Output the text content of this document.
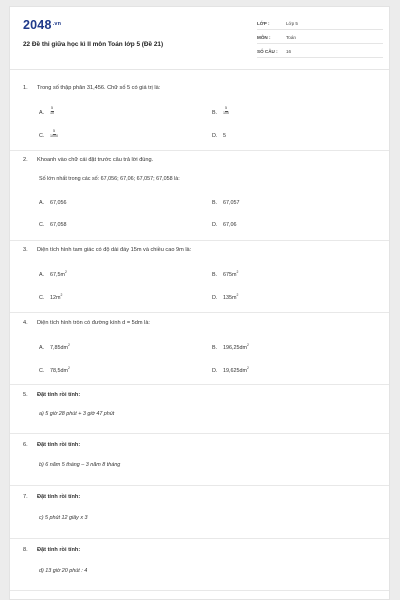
$2048^{.vn}$
22 Đề thi giữa học kì II môn Toán lớp 5 (Đề 21)
LỚP :	Lớp 5
MÔN :	Toán
SỐ CÂU : 16
1. Trong số thập phân 31,456. Chữ số 5 có giá trị là:
A. $\frac{5}{10}$	B. $\frac{5}{100}$
C. $\frac{5}{1000}$	D. 5
2. Khoanh vào chữ cái đặt trước câu trả lời đúng.
Số lớn nhất trong các số: 67,056; 67,06; 67,057; 67,058 là:
A. 67,056	B. 67,057
C. 67,058	D. 67,06
3. Diện tích hình tam giác có độ dài đáy 15m và chiều cao 9m là:
A. $67,5m^2$	B. $675m^2$
C. $12m^2$	D. $135m^2$
4. Diện tích hình tròn có đường kính d = 5dm là:
A. $7,85dm^2$	B. $196,25dm^2$
C. $78,5dm^2$	D. $19,625dm^2$
5. Đặt tính rồi tính:
a) 5 giờ 28 phút + 3 giờ 47 phút
6. Đặt tính rồi tính:
b) 6 năm 5 tháng – 3 năm 8 tháng
7. Đặt tính rồi tính:
c) 5 phút 12 giây x 3
8. Đặt tính rồi tính:
d) 13 giờ 20 phút : 4
